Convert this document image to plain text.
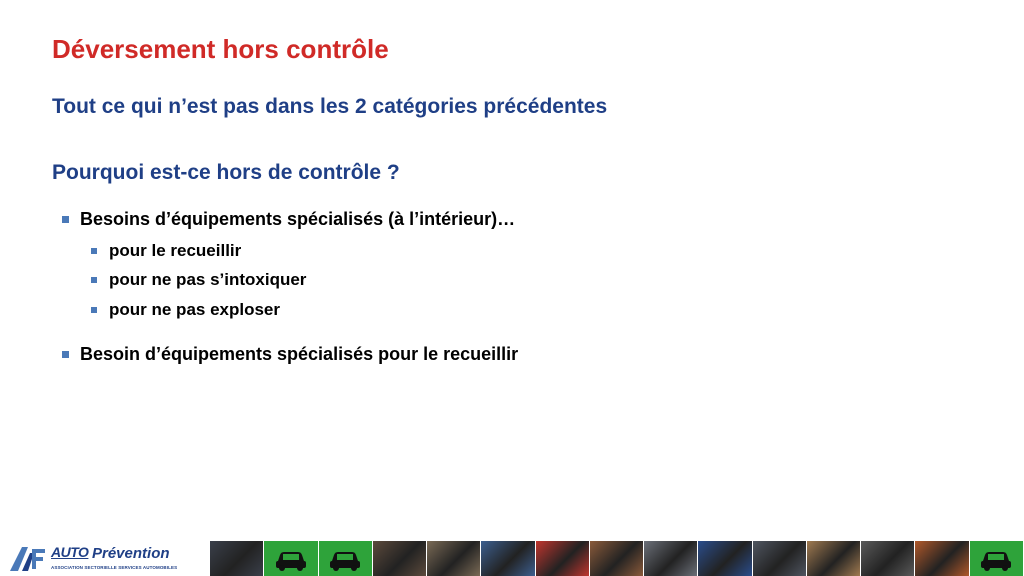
Déversement hors contrôle
Tout ce qui n’est pas dans les 2 catégories précédentes
Pourquoi est-ce hors de contrôle ?
Besoins d’équipements spécialisés (à l’intérieur)…
pour le recueillir
pour ne pas s’intoxiquer
pour ne pas exploser
Besoin d’équipements spécialisés pour le recueillir
AUTO Prévention
ASSOCIATION SECTORIELLE SERVICES AUTOMOBILES
